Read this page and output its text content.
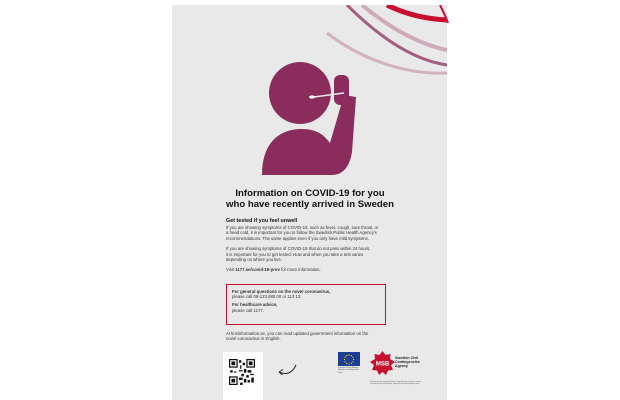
Information on COVID-19 for you
who have recently arrived in Sweden
Get tested if you feel unwell

If you are showing symptoms of COVID-19, such as fever, cough, sore throat, or

a head cold, it is important for you to follow the Swedish Public Health Agency's

recommendations. The same applies even if you only have mild symptoms.

If you are showing symptoms of COVID-19 that do not pass within 24 hours,

it is important for you to get tested. How and when you take a test varies

depending on where you live.

Visit 1177.se/covid-19-prov for more information.

For general questions on the novel coronavirus,

please call 08-123 680 00 or 113 13.

For healthcare advice,

please call 1177.

At krisinformation.se, you can read updated government information on the

novel coronavirus in English.

European Union Asylum, Migration and Integration Fund
MSB
Swedish Civil
Contingencies
Agency
We provide the opportunities of migration by running a project
co-financed by the Asylum, Migration and Integration Fund
